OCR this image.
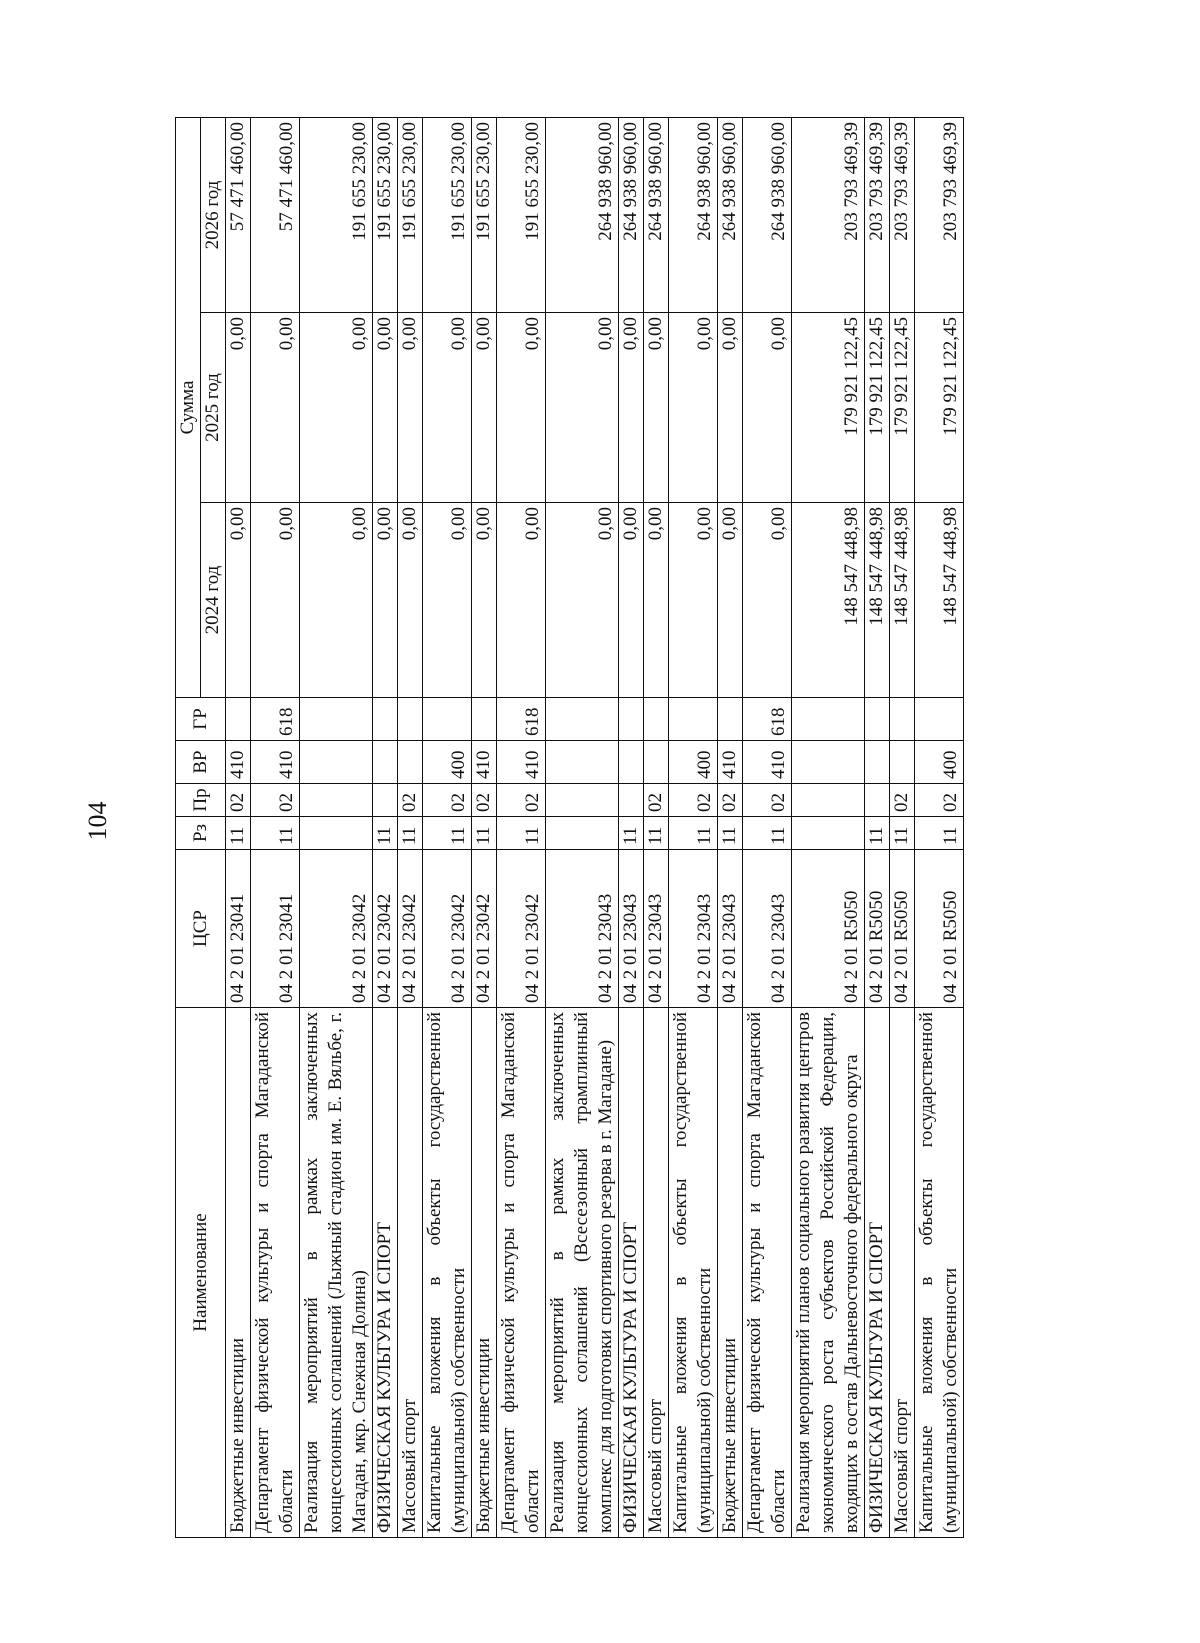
104
Наименование	ЦСР	Рз	Пр	ВР	ГР	Сумма		
						2024 год	2025 год	2026 год
Бюджетные инвестиции	04 2 01 23041	11	02	410		0,00	0,00	57 471 460,00
Департамент физической культуры и спорта Магаданской области	04 2 01 23041	11	02	410	618	0,00	0,00	57 471 460,00
Реализация мероприятий в рамках заключенных концессионных соглашений (Лыжный стадион им. Е. Вяльбе, г. Магадан, мкр. Снежная Долина)	04 2 01 23042					0,00	0,00	191 655 230,00
ФИЗИЧЕСКАЯ КУЛЬТУРА И СПОРТ	04 2 01 23042	11				0,00	0,00	191 655 230,00
Массовый спорт	04 2 01 23042	11	02			0,00	0,00	191 655 230,00
Капитальные вложения в объекты государственной (муниципальной) собственности	04 2 01 23042	11	02	400		0,00	0,00	191 655 230,00
Бюджетные инвестиции	04 2 01 23042	11	02	410		0,00	0,00	191 655 230,00
Департамент физической культуры и спорта Магаданской области	04 2 01 23042	11	02	410	618	0,00	0,00	191 655 230,00
Реализация мероприятий в рамках заключенных концессионных соглашений (Всесезонный трамплинный комплекс для подготовки спортивного резерва в г. Магадане)	04 2 01 23043					0,00	0,00	264 938 960,00
ФИЗИЧЕСКАЯ КУЛЬТУРА И СПОРТ	04 2 01 23043	11				0,00	0,00	264 938 960,00
Массовый спорт	04 2 01 23043	11	02			0,00	0,00	264 938 960,00
Капитальные вложения в объекты государственной (муниципальной) собственности	04 2 01 23043	11	02	400		0,00	0,00	264 938 960,00
Бюджетные инвестиции	04 2 01 23043	11	02	410		0,00	0,00	264 938 960,00
Департамент физической культуры и спорта Магаданской области	04 2 01 23043	11	02	410	618	0,00	0,00	264 938 960,00
Реализация мероприятий планов социального развития центров экономического роста субъектов Российской Федерации, входящих в состав Дальневосточного федерального округа	04 2 01 R5050					148 547 448,98	179 921 122,45	203 793 469,39
ФИЗИЧЕСКАЯ КУЛЬТУРА И СПОРТ	04 2 01 R5050	11				148 547 448,98	179 921 122,45	203 793 469,39
Массовый спорт	04 2 01 R5050	11	02			148 547 448,98	179 921 122,45	203 793 469,39
Капитальные вложения в объекты государственной (муниципальной) собственности	04 2 01 R5050	11	02	400		148 547 448,98	179 921 122,45	203 793 469,39
